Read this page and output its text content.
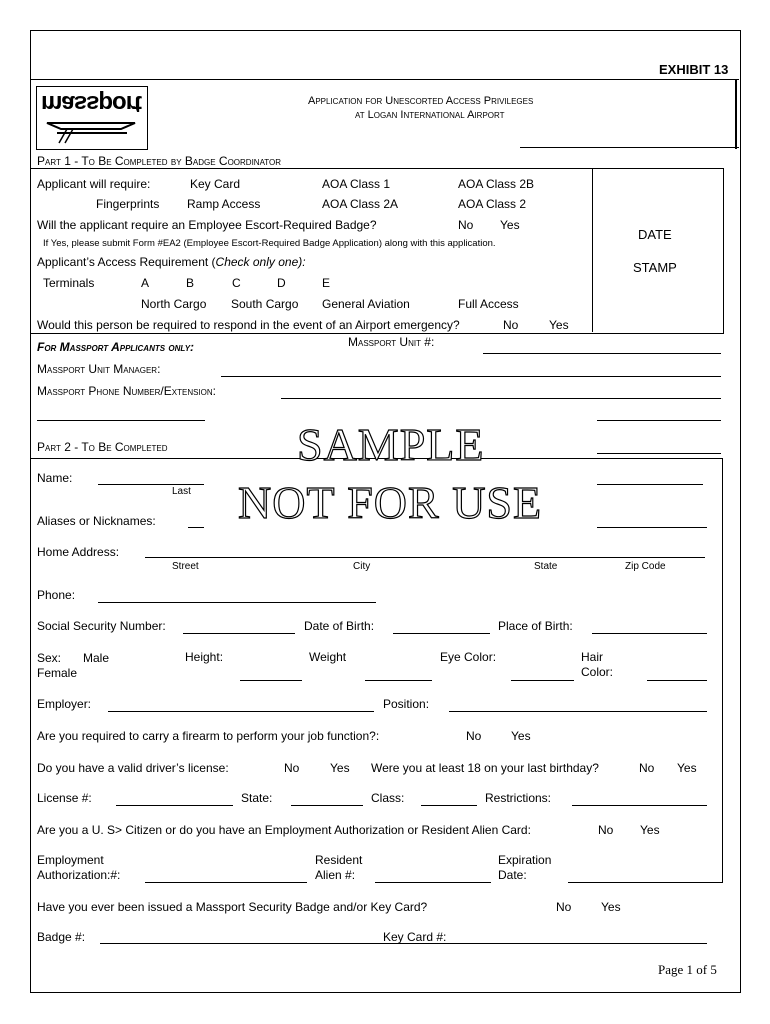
EXHIBIT 13
massport	Application for Unescorted Access Privileges
at Logan International Airport
Part 1 - To Be Completed by Badge Coordinator
Applicant will require:	Key Card	AOA Class 1	AOA Class 2B
Fingerprints Ramp Access	AOA Class 2A	AOA Class 2
Will the applicant require an Employee Escort-Required Badge?	No Yes
If Yes, please submit Form #EA2 (Employee Escort-Required Badge Application) along with this application.
Applicant’s Access Requirement (Check only one):
Terminals	A	B	C	D	E
North Cargo South Cargo General Aviation	Full Access
Would this person be required to respond in the event of an Airport emergency?	No	Yes
DATE
STAMP
For Massport Applicants only:	Massport Unit #:
Massport Unit Manager:
Massport Phone Number/Extension:
Part 2 - To Be Completed
Name:
Last
Aliases or Nicknames:
SAMPLE
NOT FOR USE
Home Address:
Street	City	State	Zip Code
Phone:
Social Security Number:	Date of Birth:	Place of Birth:
Sex: Male
Female
Height:	Weight	Eye Color:	Hair
Color:
Employer:	Position:
Are you required to carry a firearm to perform your job function?:	No Yes
Do you have a valid driver’s license:	No	Yes Were you at least 18 on your last birthday?	No Yes
License #:	State:	Class:	Restrictions:
Are you a U. S> Citizen or do you have an Employment Authorization or Resident Alien Card:	No Yes
Employment
Authorization:#:
Resident
Alien #:
Expiration
Date:
Have you ever been issued a Massport Security Badge and/or Key Card?	No Yes
Badge #:	Key Card #:
Page 1 of 5
